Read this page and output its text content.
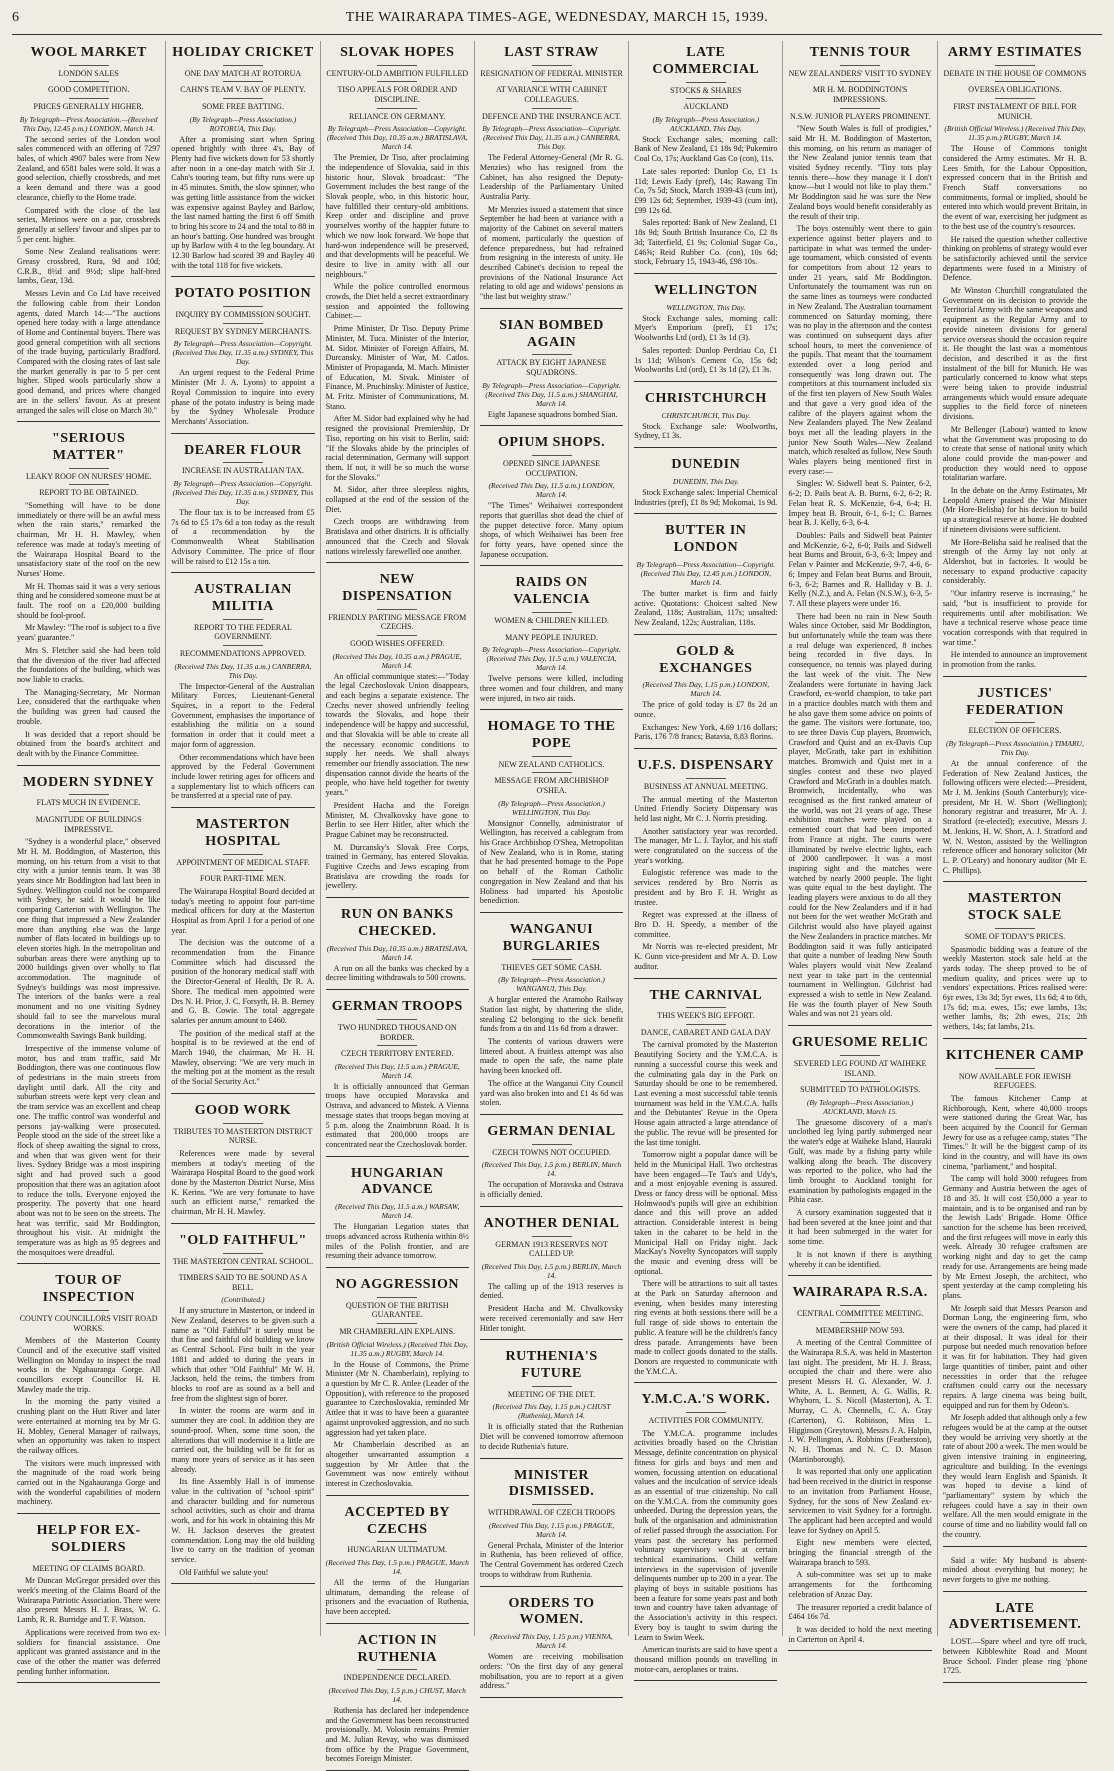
6	THE WAIRARAPA TIMES-AGE, WEDNESDAY, MARCH 15, 1939.
WOOL MARKET
LONDON SALES
GOOD COMPETITION.
PRICES GENERALLY HIGHER.
By Telegraph—Press Association.—(Received This Day, 12.45 p.m.) LONDON, March 14.

The second series of the London wool sales commenced with an offering of 7297 bales, of which 4907 bales were from New Zealand, and 6581 bales were sold. It was a good selection, chiefly crossbreds, and met a keen demand and there was a good clearance, chiefly to the Home trade.

Compared with the close of the last series, Merinos were on a par, crossbreds generally at sellers' favour and slipes par to 5 per cent. higher.

Some New Zealand realisations were: Greasy crossbred, Rura, 9d and 10d; C.R.B., 8½d and 9½d; slipe half-bred lambs, Gear, 13d.

Messrs Levin and Co Ltd have received the following cable from their London agents, dated March 14:—"The auctions opened here today with a large attendance of Home and Continental buyers. There was good general competition with all sections of the trade buying, particularly Bradford. Compared with the closing rates of last sale the market generally is par to 5 per cent higher. Sliped wools particularly show a good demand, and prices where changed are in the sellers' favour. As at present arranged the sales will close on March 30."

"SERIOUS MATTER"
LEAKY ROOF ON NURSES' HOME.
REPORT TO BE OBTAINED.

"Something will have to be done immediately or there will be an awful mess when the rain starts," remarked the chairman, Mr H. H. Mawley, when reference was made at today's meeting of the Wairarapa Hospital Board to the unsatisfactory state of the roof on the new Nurses' Home.

Mr H. Thomas said it was a very serious thing and he considered someone must be at fault. The roof on a £20,000 building should be fool-proof.

Mr Mawley: "The roof is subject to a five years' guarantee."

Mrs S. Fletcher said she had been told that the diversion of the river had affected the foundations of the building, which was now liable to cracks.

The Managing-Secretary, Mr Norman Lee, considered that the earthquake when the building was green had caused the trouble.

It was decided that a report should be obtained from the board's architect and dealt with by the Finance Committee.

MODERN SYDNEY
FLATS MUCH IN EVIDENCE.
MAGNITUDE OF BUILDINGS IMPRESSIVE.

"Sydney is a wonderful place," observed Mr H. M. Boddington, of Masterton, this morning, on his return from a visit to that city with a junior tennis team. It was 38 years since Mr Boddington had last been in Sydney. Wellington could not be compared with Sydney, he said. It would be like comparing Carterton with Wellington. The one thing that impressed a New Zealander more than anything else was the large number of flats located in buildings up to eleven stories high. In the metropolitan and suburban areas there were anything up to 2000 buildings given over wholly to flat accommodation. The magnitude of Sydney's buildings was most impressive. The interiors of the banks were a real monument and no one visiting Sydney should fail to see the marvelous mural decorations in the interior of the Commonwealth Savings Bank building.

Irrespective of the immense volume of motor, bus and tram traffic, said Mr Boddington, there was one continuous flow of pedestrians in the main streets from daylight until dark. All the city and suburban streets were kept very clean and the tram service was an excellent and cheap one. The traffic control was wonderful and persons jay-walking were prosecuted. People stood on the side of the street like a flock of sheep awaiting the signal to cross, and when that was given went for their lives. Sydney Bridge was a most inspiring sight and had proved such a good proposition that there was an agitation afoot to reduce the tolls. Everyone enjoyed the prosperity. The poverty that one heard about was not to be seen on the streets. The heat was terrific, said Mr Boddington, throughout his visit. At midnight the temperature was as high as 95 degrees and the mosquitoes were dreadful.

TOUR OF INSPECTION
COUNTY COUNCILLORS VISIT ROAD WORKS.

Members of the Masterton County Council and of the executive staff visited Wellington on Monday to inspect the road works in the Ngahauranga Gorge. All councillors except Councillor H. H. Mawley made the trip.

In the morning the party visited a crushing plant on the Hutt River and later were entertained at morning tea by Mr G. H. Mobley, General Manager of railways, when an opportunity was taken to inspect the railway offices.

The visitors were much impressed with the magnitude of the road work being carried out in the Ngahauranga Gorge and with the wonderful capabilities of modern machinery.

HELP FOR EX-SOLDIERS
MEETING OF CLAIMS BOARD.

Mr Duncan McGregor presided over this week's meeting of the Claims Board of the Wairarapa Patriotic Association. There were also present Messrs H. J. Brass, W. G. Lamb, R. R. Burridge and T. F. Watson.

Applications were received from two ex-soldiers for financial assistance. One applicant was granted assistance and in the case of the other the matter was deferred pending further information.

HOLIDAY CRICKET
ONE DAY MATCH AT ROTORUA
CAHN'S TEAM V. BAY OF PLENTY.
SOME FREE BATTING.
(By Telegraph—Press Association.) ROTORUA, This Day.

After a promising start when Spring opened brightly with three 4's, Bay of Plenty had five wickets down for 53 shortly after noon in a one-day match with Sir J. Cahn's touring team, but fifty runs were up in 45 minutes. Smith, the slow spinner, who was getting little assistance from the wicket was expensive against Bayley and Barlow, the last named batting the first 6 off Smith to bring his score to 24 and the total to 88 in an hour's batting. One hundred was brought up by Barlow with 4 to the leg boundary. At 12.30 Barlow had scored 39 and Bayley 40 with the total 118 for five wickets.

POTATO POSITION
INQUIRY BY COMMISSION SOUGHT.
REQUEST BY SYDNEY MERCHANTS.
By Telegraph—Press Association—Copyright. (Received This Day, 11.35 a.m.) SYDNEY, This Day.

An urgent request to the Federal Prime Minister (Mr J. A. Lyons) to appoint a Royal Commission to inquire into every phase of the potato industry is being made by the Sydney Wholesale Produce Merchants' Association.

DEARER FLOUR
INCREASE IN AUSTRALIAN TAX.
By Telegraph—Press Association—Copyright. (Received This Day, 11.35 a.m.) SYDNEY, This Day.

The flour tax is to be increased from £5 7s 6d to £5 17s 6d a ton today as the result of a recommendation by the Commonwealth Wheat Stabilisation Advisory Committee. The price of flour will be raised to £12 15s a ton.

AUSTRALIAN MILITIA
REPORT TO THE FEDERAL GOVERNMENT.
RECOMMENDATIONS APPROVED.
(Received This Day, 11.35 a.m.) CANBERRA, This Day.

The Inspector-General of the Australian Military Forces, Lieutenant-General Squires, in a report to the Federal Government, emphasises the importance of establishing the militia on a sound formation in order that it could meet a major form of aggression.

Other recommendations which have been approved by the Federal Government include lower retiring ages for officers and a supplementary list to which officers can be transferred at a special rate of pay.

MASTERTON HOSPITAL
APPOINTMENT OF MEDICAL STAFF.
FOUR PART-TIME MEN.

The Wairarapa Hospital Board decided at today's meeting to appoint four part-time medical officers for duty at the Masterton Hospital as from April 1 for a period of one year.

The decision was the outcome of a recommendation from the Finance Committee which had discussed the position of the honorary medical staff with the Director-General of Health, Dr R. A. Shore. The medical men appointed were Drs N. H. Prior, J. C. Forsyth, H. B. Berney and G. B. Cowie. The total aggregate salaries per annum amount to £460.

The position of the medical staff at the hospital is to be reviewed at the end of March 1940, the chairman, Mr H. H. Mawley, observing: "We are very much in the melting pot at the moment as the result of the Social Security Act."

GOOD WORK
TRIBUTES TO MASTERTON DISTRICT NURSE.

References were made by several members at today's meeting of the Wairarapa Hospital Board to the good work done by the Masterton District Nurse, Miss K. Kerins. "We are very fortunate to have such an efficient nurse," remarked the chairman, Mr H. H. Mawley.

"OLD FAITHFUL"
THE MASTERTON CENTRAL SCHOOL.
TIMBERS SAID TO BE SOUND AS A BELL.
(Contributed.)

If any structure in Masterton, or indeed in New Zealand, deserves to be given such a name as "Old Faithful" it surely must be that fine and faithful old building we know as Central School. First built in the year 1881 and added to during the years in which that other "Old Faithful" Mr W. H. Jackson, held the reins, the timbers from blocks to roof are as sound as a bell and free from the slightest sign of borer.

In winter the rooms are warm and in summer they are cool. In addition they are sound-proof. When, some time soon, the alterations that will modernise it a little are carried out, the building will be fit for as many more years of service as it has seen already.

Its fine Assembly Hall is of immense value in the cultivation of "school spirit" and character building and for numerous school activities, such as choir and drama work, and for his work in obtaining this Mr W. H. Jackson deserves the greatest commendation. Long may the old building live to carry on the tradition of yeoman service.

Old Faithful we salute you!

SLOVAK HOPES
CENTURY-OLD AMBITION FULFILLED
TISO APPEALS FOR ORDER AND DISCIPLINE.
RELIANCE ON GERMANY.
By Telegraph—Press Association—Copyright. (Received This Day, 10.35 a.m.) BRATISLAVA, March 14.

The Premier, Dr Tiso, after proclaiming the independence of Slovakia, said in this historic hour, Slovak broadcast: "The Government includes the best range of the Slovak people, who, in this historic hour, have fulfilled their century-old ambitions. Keep order and discipline and prove yourselves worthy of the happier future to which we now look forward. We hope that hard-won independence will be preserved, and that developments will be peaceful. We desire to live in amity with all our neighbours."

While the police controlled enormous crowds, the Diet held a secret extraordinary session and appointed the following Cabinet:—

Prime Minister, Dr Tiso. Deputy Prime Minister, M. Tuca. Minister of the Interior, M. Sidor. Minister of Foreign Affairs, M. Durcansky. Minister of War, M. Catlos. Minister of Propaganda, M. Mach. Minister of Education, M. Sivak. Minister of Finance, M. Pruchinsky. Minister of Justice, M. Fritz. Minister of Communications, M. Stano.

After M. Sidor had explained why he had resigned the provisional Premiership, Dr Tiso, reporting on his visit to Berlin, said: "If the Slovaks abide by the principles of racial determination, Germany will support them. If not, it will be so much the worse for the Slovaks."

M. Sidor, after three sleepless nights, collapsed at the end of the session of the Diet.

Czech troops are withdrawing from Bratislava and other districts. It is officially announced that the Czech and Slovak nations wirelessly farewelled one another.

NEW DISPENSATION
FRIENDLY PARTING MESSAGE FROM CZECHS.
GOOD WISHES OFFERED.
(Received This Day, 10.35 a.m.) PRAGUE, March 14.

An official communique states:—"Today the legal Czechoslovak Union disappears, and each begins a separate existence. The Czechs never showed unfriendly feeling towards the Slovaks, and hope their independence will be happy and successful, and that Slovakia will be able to create all the necessary economic conditions to supply her needs. We shall always remember our friendly association. The new dispensation cannot divide the hearts of the people, who have held together for twenty years."

President Hacha and the Foreign Minister, M. Chvalkovsky have gone to Berlin to see Herr Hitler, after which the Prague Cabinet may be reconstructed.

M. Durcansky's Slovak Free Corps, trained in Germany, has entered Slovakia. Fugitive Czechs and Jews escaping from Bratislava are crowding the roads for jewellery.

RUN ON BANKS CHECKED.
(Received This Day, 10.35 a.m.) BRATISLAVA, March 14.

A run on all the banks was checked by a decree limiting withdrawals to 500 crowns.

GERMAN TROOPS
TWO HUNDRED THOUSAND ON BORDER.
CZECH TERRITORY ENTERED.
(Received This Day, 11.5 a.m.) PRAGUE, March 14.

It is officially announced that German troops have occupied Moravska and Ostrava, and advanced to Mistek. A Vienna message states that troops began moving at 5 p.m. along the Znaimbrunn Road. It is estimated that 200,000 troops are concentrated near the Czechoslovak border.

HUNGARIAN ADVANCE
(Received This Day, 11.5 a.m.) WARSAW, March 14.

The Hungarian Legation states that troops advanced across Ruthenia within 8½ miles of the Polish frontier, and are resuming their advance tomorrow.

NO AGGRESSION
QUESTION OF THE BRITISH GUARANTEE.
MR CHAMBERLAIN EXPLAINS.
(British Official Wireless.) (Received This Day, 11.35 a.m.) RUGBY, March 14.

In the House of Commons, the Prime Minister (Mr N. Chamberlain), replying to a question by Mr C. R. Attlee (Leader of the Opposition), with reference to the proposed guarantee to Czechoslovakia, reminded Mr Attlee that it was to have been a guarantee against unprovoked aggression, and no such aggression had yet taken place.

Mr Chamberlain described as an altogether unwarranted assumption a suggestion by Mr Attlee that the Government was now entirely without interest in Czechoslovakia.

ACCEPTED BY CZECHS
HUNGARIAN ULTIMATUM.
(Received This Day, 1.5 p.m.) PRAGUE, March 14.

All the terms of the Hungarian ultimatum, demanding the release of prisoners and the evacuation of Ruthenia, have been accepted.

ACTION IN RUTHENIA
INDEPENDENCE DECLARED.
(Received This Day, 1.5 p.m.) CHUST, March 14.

Ruthenia has declared her independence and the Government has been reconstructed provisionally. M. Volosin remains Premier and M. Julian Revay, who was dismissed from office by the Prague Government, becomes Foreign Minister.

LAST STRAW
RESIGNATION OF FEDERAL MINISTER
AT VARIANCE WITH CABINET COLLEAGUES.
DEFENCE AND THE INSURANCE ACT.
By Telegraph—Press Association—Copyright. (Received This Day, 11.35 a.m.) CANBERRA, This Day.

The Federal Attorney-General (Mr R. G. Menzies) who has resigned from the Cabinet, has also resigned the Deputy-Leadership of the Parliamentary United Australia Party.

Mr Menzies issued a statement that since September he had been at variance with a majority of the Cabinet on several matters of moment, particularly the question of defence preparedness, but had refrained from resigning in the interests of unity. He described Cabinet's decision to repeal the provisions of the National Insurance Act relating to old age and widows' pensions as "the last but weighty straw."

SIAN BOMBED AGAIN
ATTACK BY EIGHT JAPANESE SQUADRONS.
By Telegraph—Press Association—Copyright. (Received This Day, 11.5 a.m.) SHANGHAI, March 14.

Eight Japanese squadrons bombed Sian.

OPIUM SHOPS.
OPENED SINCE JAPANESE OCCUPATION.
(Received This Day, 11.5 a.m.) LONDON, March 14.

"The Times" Weihaiwei correspondent reports that guerillas shot dead the chief of the puppet detective force. Many opium shops, of which Weihaiwei has been free for forty years, have opened since the Japanese occupation.

RAIDS ON VALENCIA
WOMEN & CHILDREN KILLED.
MANY PEOPLE INJURED.
By Telegraph—Press Association—Copyright. (Received This Day, 11.5 a.m.) VALENCIA, March 14.

Twelve persons were killed, including three women and four children, and many were injured, in two air raids.

HOMAGE TO THE POPE
NEW ZEALAND CATHOLICS.
MESSAGE FROM ARCHBISHOP O'SHEA.
(By Telegraph—Press Association.) WELLINGTON, This Day.

Monsignor Connelly, administrator of Wellington, has received a cablegram from his Grace Archbishop O'Shea, Metropolitan of New Zealand, who is in Rome, stating that he had presented homage to the Pope on behalf of the Roman Catholic congregation in New Zealand and that his Holiness had imparted his Apostolic benediction.

WANGANUI BURGLARIES
THIEVES GET SOME CASH.
(By Telegraph—Press Association.) WANGANUI, This Day.

A burglar entered the Aramoho Railway Station last night, by shattering the slide, stealing £2 belonging to the sick benefit funds from a tin and 11s 6d from a drawer.

The contents of various drawers were littered about. A fruitless attempt was also made to open the safe, the name plate having been knocked off.

The office at the Wanganui City Council yard was also broken into and £1 4s 6d was stolen.

GERMAN DENIAL
CZECH TOWNS NOT OCCUPIED.
(Received This Day, 1.5 p.m.) BERLIN, March 14.

The occupation of Moravska and Ostrava is officially denied.

ANOTHER DENIAL
GERMAN 1913 RESERVES NOT CALLED UP.
(Received This Day, 1.5 p.m.) BERLIN, March 14.

The calling up of the 1913 reserves is denied.

President Hacha and M. Chvalkovsky were received ceremonially and saw Herr Hitler tonight.

RUTHENIA'S FUTURE
MEETING OF THE DIET.
(Received This Day, 1.15 p.m.) CHUST (Ruthenia), March 14.

It is officially stated that the Ruthenian Diet will be convened tomorrow afternoon to decide Ruthenia's future.

MINISTER DISMISSED.
WITHDRAWAL OF CZECH TROOPS
(Received This Day, 1.15 p.m.) PRAGUE, March 14.

General Prchala, Minister of the Interior in Ruthenia, has been relieved of office. The Central Government has ordered Czech troops to withdraw from Ruthenia.

ORDERS TO WOMEN.
(Received This Day, 1.15 p.m.) VIENNA, March 14.

Women are receiving mobilisation orders: "On the first day of any general mobilisation, you are to report at a given address."

LATE COMMERCIAL
STOCKS & SHARES
AUCKLAND
(By Telegraph—Press Association.) AUCKLAND, This Day.

Stock Exchange sales, morning call: Bank of New Zealand, £1 18s 9d; Pukemiro Coal Co, 17s; Auckland Gas Co (con), 11s.

Late sales reported: Dunlop Co, £1 1s 11d; Lewis Eady (pref), 14s; Rawang Tin Co, 7s 5d; Stock, March 1939-43 (cum int), £99 12s 6d; September, 1939-43 (cum int), £99 12s 6d.

Sales reported: Bank of New Zealand, £1 18s 9d; South British Insurance Co, £2 8s 3d; Taiterfield, £1 9s; Colonial Sugar Co., £46⅝; Reid Rubber Co. (con), 10s 6d; stock, February 15, 1943-46, £98 10s.

WELLINGTON
WELLINGTON, This Day.

Stock Exchange sales, morning call: Myer's Emporium (pref), £1 17s; Woolworths Ltd (ord), £1 3s 1d (3).

Sales reported: Dunlop Perdriau Co, £1 1s 11d; Wilson's Cement Co, 15s 6d; Woolworths Ltd (ord), £1 3s 1d (2), £1 3s.

CHRISTCHURCH
CHRISTCHURCH, This Day.

Stock Exchange sale: Woolworths, Sydney, £1 3s.

DUNEDIN
DUNEDIN, This Day.

Stock Exchange sales: Imperial Chemical Industries (pref), £1 8s 9d; Mokomai, 1s 9d.

BUTTER IN LONDON
By Telegraph—Press Association—Copyright. (Received This Day, 12.45 p.m.) LONDON, March 14.

The butter market is firm and fairly active. Quotations: Choicest salted New Zealand, 118s; Australian, 117s; unsalted: New Zealand, 122s; Australian, 118s.

GOLD & EXCHANGES
(Received This Day, 1.15 p.m.) LONDON, March 14.

The price of gold today is £7 8s 2d an ounce.

Exchanges: New York, 4.69 1/16 dollars; Paris, 176 7/8 francs; Batavia, 8.83 florins.

U.F.S. DISPENSARY
BUSINESS AT ANNUAL MEETING.

The annual meeting of the Masterton United Friendly Society Dispensary was held last night, Mr C. J. Norris presiding.

Another satisfactory year was recorded. The manager, Mr L. J. Taylor, and his staff were congratulated on the success of the year's working.

Eulogistic reference was made to the services rendered by Bro Norris as president and by Bro F. H. Wright as trustee.

Regret was expressed at the illness of Bro D. H. Speedy, a member of the committee.

Mr Norris was re-elected president, Mr K. Gunn vice-president and Mr A. D. Low auditor.

THE CARNIVAL
THIS WEEK'S BIG EFFORT.
DANCE, CABARET AND GALA DAY

The carnival promoted by the Masterton Beautifying Society and the Y.M.C.A. is running a successful course this week and the culminating gala day in the Park on Saturday should be one to be remembered. Last evening a most successful table tennis tournament was held in the Y.M.C.A. halls and the Debutantes' Revue in the Opera House again attracted a large attendance of the public. The revue will be presented for the last time tonight.

Tomorrow night a popular dance will be held in the Municipal Hall. Two orchestras have been engaged—Te Tau's and Udy's, and a most enjoyable evening is assured. Dress or fancy dress will be optional. Miss Holmwood's pupils will give an exhibition dance and this will prove an added attraction. Considerable interest is being taken in the cabaret to be held in the Municipal Hall on Friday night. Jack MacKay's Novelty Syncopators will supply the music and evening dress will be optional.

There will be attractions to suit all tastes at the Park on Saturday afternoon and evening, when besides many interesting ring events at both sessions there will be a full range of side shows to entertain the public. A feature will be the children's fancy dress parade. Arrangements have been made to collect goods donated to the stalls. Donors are requested to communicate with the Y.M.C.A.

Y.M.C.A.'S WORK.
ACTIVITIES FOR COMMUNITY.

The Y.M.C.A. programme includes activities broadly based on the Christian Message, definite concentration on physical fitness for girls and boys and men and women, focussing attention on educational values and the inculcation of service ideals as an essential of true citizenship. No call on the Y.M.C.A. from the community goes unheeded. During the depression years, the bulk of the organisation and administration of relief passed through the association. For years past the secretary has performed voluntary supervisory work at certain technical examinations. Child welfare interviews in the supervision of juvenile delinquents number up to 200 in a year. The playing of boys in suitable positions has been a feature for some years past and both town and country have taken advantage of the Association's activity in this respect. Every boy is taught to swim during the Learn to Swim Week.

American tourists are said to have spent a thousand million pounds on travelling in motor-cars, aeroplanes or trains.

TENNIS TOUR
NEW ZEALANDERS' VISIT TO SYDNEY
MR H. M. BODDINGTON'S IMPRESSIONS.
N.S.W. JUNIOR PLAYERS PROMINENT.

"New South Wales is full of prodigies," said Mr H. M. Boddington of Masterton, this morning, on his return as manager of the New Zealand junior tennis team that visited Sydney recently. "Tiny tots play tennis there—how they manage it I don't know—but I would not like to play them." Mr Boddington said he was sure the New Zealand boys would benefit considerably as the result of their trip.

The boys ostensibly went there to gain experience against better players and to participate in what was termed the under-age tournament, which consisted of events for competitors from about 12 years to under 21 years, said Mr Boddington. Unfortunately the tournament was run on the same lines as tourneys were conducted in New Zealand. The Australian tournament commenced on Saturday morning, there was no play in the afternoon and the contest was continued on subsequent days after school hours, to meet the convenience of the pupils. That meant that the tournament extended over a long period and consequently was long drawn out. The competitors at this tournament included six of the first ten players of New South Wales and that gave a very good idea of the calibre of the players against whom the New Zealanders played. The New Zealand boys met all the leading players in the junior New South Wales—New Zealand match, which resulted as follow, New South Wales players being mentioned first in every case:—

Singles: W. Sidwell beat S. Painter, 6-2, 6-2; D. Pails beat A. B. Burns, 6-2, 6-2; R. Felan beat R. S. McKenzie, 6-4, 6-4; H. Impey beat B. Brouit, 6-1, 6-1; C. Barnes beat B. J. Kelly, 6-3, 6-4.

Doubles: Pails and Sidwell beat Painter and McKenzie, 6-2, 6-0; Pails and Sidwell beat Burns and Brouit, 6-3, 6-3; Impey and Felan v Painter and McKenzie, 9-7, 4-6, 6-6; Impey and Felan beat Burns and Brouit, 6-3, 6-2; Barnes and R. Halliday v B. J. Kelly (N.Z.), and A. Felan (N.S.W.), 6-3, 5-7. All these players were under 16.

There had been no rain in New South Wales since October, said Mr Boddington, but unfortunately while the team was there a real deluge was experienced, 8 inches being recorded in five days. In consequence, no tennis was played during the last week of the visit. The New Zealanders were fortunate in having Jack Crawford, ex-world champion, to take part in a practice doubles match with them and he also gave them some advice on points of the game. The visitors were fortunate, too, to see three Davis Cup players, Bromwich, Crawford and Quist and an ex-Davis Cup player, McGrath, take part in exhibition matches. Bromwich and Quist met in a singles contest and these two played Crawford and McGrath in a doubles match. Bromwich, incidentally, who was recognised as the first ranked amateur of the world, was not 21 years of age. These exhibition matches were played on a cemented court that had been imported from France at night. The courts were illuminated by twelve electric lights, each of 2000 candlepower. It was a most inspiring sight and the matches were watched by nearly 2000 people. The light was quite equal to the best daylight. The leading players were anxious to do all they could for the New Zealanders and if it had not been for the wet weather McGrath and Gilchrist would also have played against the New Zealanders in practice matches. Mr Boddington said it was fully anticipated that quite a number of leading New South Wales players would visit New Zealand next year to take part in the centennial tournament in Wellington. Gilchrist had expressed a wish to settle in New Zealand. He was the fourth player of New South Wales and was not 21 years old.

GRUESOME RELIC
SEVERED LEG FOUND AT WAIHEKE ISLAND.
SUBMITTED TO PATHOLOGISTS.
(By Telegraph—Press Association.) AUCKLAND, March 15.

The gruesome discovery of a man's unclothed leg lying partly submerged near the water's edge at Waiheke Island, Hauraki Gulf, was made by a fishing party while walking along the beach. The discovery was reported to the police, who had the limb brought to Auckland tonight for examination by pathologists engaged in the Pihia case.

A cursory examination suggested that it had been severed at the knee joint and that it had been submerged in the water for some time.

It is not known if there is anything whereby it can be identified.

WAIRARAPA R.S.A.
CENTRAL COMMITTEE MEETING.
MEMBERSHIP NOW 593.

A meeting of the Central Committee of the Wairarapa R.S.A. was held in Masterton last night. The president, Mr H. J. Brass, occupied the chair and there were also present Messrs H. G. Alexander, W. J. White, A. L. Bennett, A. G. Wallis, R. Whyborn, L. S. Nicoll (Masterton), A. T. Murray, C. A. Chennells, C. A. Gray (Carterton), G. Robinson, Miss L. Higginson (Greytown), Messrs J. A. Halpin, J. W. Pellington, A. Robbins (Featherston), N. H. Thomas and N. C. D. Mason (Martinborough).

It was reported that only one application had been received in the district in response to an invitation from Parliament House, Sydney, for the sons of New Zealand ex-servicemen to visit Sydney for a fortnight. The applicant had been accepted and would leave for Sydney on April 5.

Eight new members were elected, bringing the financial strength of the Wairarapa branch to 593.

A sub-committee was set up to make arrangements for the forthcoming celebration of Anzac Day.

The treasurer reported a credit balance of £464 16s 7d.

It was decided to hold the next meeting in Carterton on April 4.

ARMY ESTIMATES
DEBATE IN THE HOUSE OF COMMONS
OVERSEA OBLIGATIONS.
FIRST INSTALMENT OF BILL FOR MUNICH.
(British Official Wireless.) (Received This Day, 11.35 p.m.) RUGBY, March 14.

The House of Commons tonight considered the Army estimates. Mr H. B. Lees Smith, for the Labour Opposition, expressed concern that in the British and French Staff conversations no commitments, formal or implied, should be entered into which would prevent Britain, in the event of war, exercising her judgment as to the best use of the country's resources.

He raised the question whether collective thinking on problems of strategy would ever be satisfactorily achieved until the service departments were fused in a Ministry of Defence.

Mr Winston Churchill congratulated the Government on its decision to provide the Territorial Army with the same weapons and equipment as the Regular Army and to provide nineteen divisions for general service overseas should the occasion require it. He thought the last was a momentous decision, and described it as the first instalment of the bill for Munich. He was particularly concerned to know what steps were being taken to provide industrial arrangements which would ensure adequate supplies to the field force of nineteen divisions.

Mr Bellenger (Labour) wanted to know what the Government was proposing to do to create that sense of national unity which alone could provide the man-power and production they would need to oppose totalitarian warfare.

In the debate on the Army Estimates, Mr Leopold Amery praised the War Minister (Mr Hore-Belisha) for his decision to build up a strategical reserve at home. He doubted if nineteen divisions were sufficient.

Mr Hore-Belisha said he realised that the strength of the Army lay not only at Aldershot, but in factories. It would be necessary to expand productive capacity considerably.

"Our infantry reserve is increasing," he said, "but is insufficient to provide for requirements until after mobilisation. We have a technical reserve whose peace time vocation corresponds with that required in war time."

He intended to announce an improvement in promotion from the ranks.

JUSTICES' FEDERATION
ELECTION OF OFFICERS.
(By Telegraph—Press Association.) TIMARU, This Day.

At the annual conference of the Federation of New Zealand Justices, the following officers were elected:—President, Mr J. M. Jenkins (South Canterbury); vice-president, Mr H. W. Short (Wellington); honorary registrar and treasurer, Mr A. J. Stratford (re-elected); executive, Messrs J. M. Jenkins, H. W. Short, A. J. Stratford and W. N. Weston, assisted by the Wellington reference officer and honorary solicitor (Mr L. P. O'Leary) and honorary auditor (Mr E. C. Phillips).

MASTERTON STOCK SALE
SOME OF TODAY'S PRICES.

Spasmodic bidding was a feature of the weekly Masterton stock sale held at the yards today. The sheep proved to be of medium quality, and prices were up to vendors' expectations. Prices realised were: 6yr ewes, 13s 3d; 5yr ewes, 11s 6d; 4 to 6th, 17s 6d; m.a. ewes, 15s; ewe lambs, 13s; wether lambs, 8s; 2th ewes, 21s; 2th wethers, 14s; fat lambs, 21s.

KITCHENER CAMP
NOW AVAILABLE FOR JEWISH REFUGEES.

The famous Kitchener Camp at Richborough, Kent, where 40,000 troops were stationed during the Great War, has been acquired by the Council for German Jewry for use as a refugee camp, states "The Times." It will be the biggest camp of its kind in the country, and will have its own cinema, "parliament," and hospital.

The camp will hold 3000 refugees from Germany and Austria between the ages of 18 and 35. It will cost £50,000 a year to maintain, and is to be organised and run by the Jewish Lads' Brigade. Home Office sanction for the scheme has been received, and the first refugees will move in early this week. Already 30 refugee craftsmen are working night and day to get the camp ready for use. Arrangements are being made by Mr Ernest Joseph, the architect, who spent yesterday at the camp completing his plans.

Mr Joseph said that Messrs Pearson and Dorman Long, the engineering firm, who were the owners of the camp, had placed it at their disposal. It was ideal for their purpose but needed much renovation before it was fit for habitation. They had given large quantities of timber, paint and other necessities in order that the refugee craftsmen could carry out the necessary repairs. A large cinema was being built, equipped and run for them by Odeon's.

Mr Joseph added that although only a few refugees would be at the camp at the outset they would be arriving very shortly at the rate of about 200 a week. The men would be given intensive training in engineering, agriculture and building. In the evenings they would learn English and Spanish. It was hoped to devise a kind of "parliamentary" system by which the refugees could have a say in their own welfare. All the men would emigrate in the course of time and no liability would fall on the country.

Said a wife: My husband is absent-minded about everything but money; he never forgets to give me nothing.

LATE ADVERTISEMENT.

LOST.—Spare wheel and tyre off truck, between Kibblewhite Road and Mount Bruce School. Finder please ring 'phone 1725.
